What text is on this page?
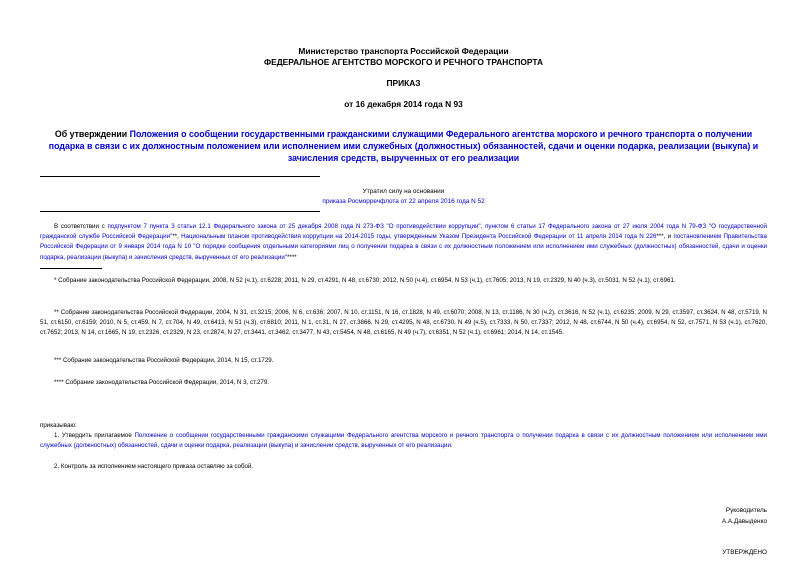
Министерство транспорта Российской Федерации
ФЕДЕРАЛЬНОЕ АГЕНТСТВО МОРСКОГО И РЕЧНОГО ТРАНСПОРТА
ПРИКАЗ
от 16 декабря 2014 года N 93
Об утверждении Положения о сообщении государственными гражданскими служащими Федерального агентства морского и речного транспорта о получении подарка в связи с их должностным положением или исполнением ими служебных (должностных) обязанностей, сдачи и оценки подарка, реализации (выкупа) и зачисления средств, вырученных от его реализации
Утратил силу на основании
приказа Росморречфлота от 22 апреля 2016 года N 52
В соответствии с подпунктом 7 пункта 3 статьи 12.1 Федерального закона от 25 декабря 2008 года N 273-ФЗ "О противодействии коррупции", пунктом 6 статьи 17 Федерального закона от 27 июля 2004 года N 79-ФЗ "О государственной гражданской службе Российской Федерации"**, Национальным планом противодействия коррупции на 2014-2015 годы, утвержденным Указом Президента Российской Федерации от 11 апреля 2014 года N 226***, и постановлением Правительства Российской Федерации от 9 января 2014 года N 10 "О порядке сообщения отдельными категориями лиц о получении подарка в связи с их должностным положением или исполнением ими служебных (должностных) обязанностей, сдачи и оценки подарка, реализации (выкупа) и зачисления средств, вырученных от его реализации"****
* Собрание законодательства Российской Федерации, 2008, N 52 (ч.1), ст.6228; 2011, N 29, ст.4291, N 48, ст.6730; 2012, N 50 (ч.4), ст.6954, N 53 (ч.1), ст.7605; 2013, N 19, ст.2329, N 40 (ч.3), ст.5031, N 52 (ч.1), ст.6961.
** Собрание законодательства Российской Федерации, 2004, N 31, ст.3215; 2006, N 6, ст.636; 2007, N 10, ст.1151, N 16, ст.1828, N 49, ст.6070; 2008, N 13, ст.1186, N 30 (ч.2), ст.3616, N 52 (ч.1), ст.6235; 2009, N 29, ст.3597, ст.3624, N 48, ст.5719, N 51, ст.6150, ст.6159; 2010, N 5, ст.459, N 7, ст.704, N 49, ст.6413, N 51 (ч.3), ст.6810; 2011, N 1, ст.31, N 27, ст.3866, N 29, ст.4295, N 48, ст.6730, N 49 (ч.5), ст.7333, N 50, ст.7337; 2012, N 48, ст.6744, N 50 (ч.4), ст.6954, N 52, ст.7571, N 53 (ч.1), ст.7620, ст.7652; 2013, N 14, ст.1665, N 19, ст.2326, ст.2329, N 23, ст.2874, N 27, ст.3441, ст.3462, ст.3477, N 43, ст.5454, N 48, ст.6165, N 49 (ч.7), ст.6351, N 52 (ч.1), ст.6961; 2014, N 14, ст.1545.
*** Собрание законодательства Российской Федерации, 2014, N 15, ст.1729.
**** Собрание законодательства Российской Федерации, 2014, N 3, ст.279.
приказываю:
1. Утвердить прилагаемое Положение о сообщении государственными гражданскими служащими Федерального агентства морского и речного транспорта о получении подарка в связи с их должностным положением или исполнением ими служебных (должностных) обязанностей, сдачи и оценки подарка, реализации (выкупа) и зачислении средств, вырученных от его реализации.
2. Контроль за исполнением настоящего приказа оставляю за собой.
Руководитель
А.А.Давыденко
УТВЕРЖДЕНО
